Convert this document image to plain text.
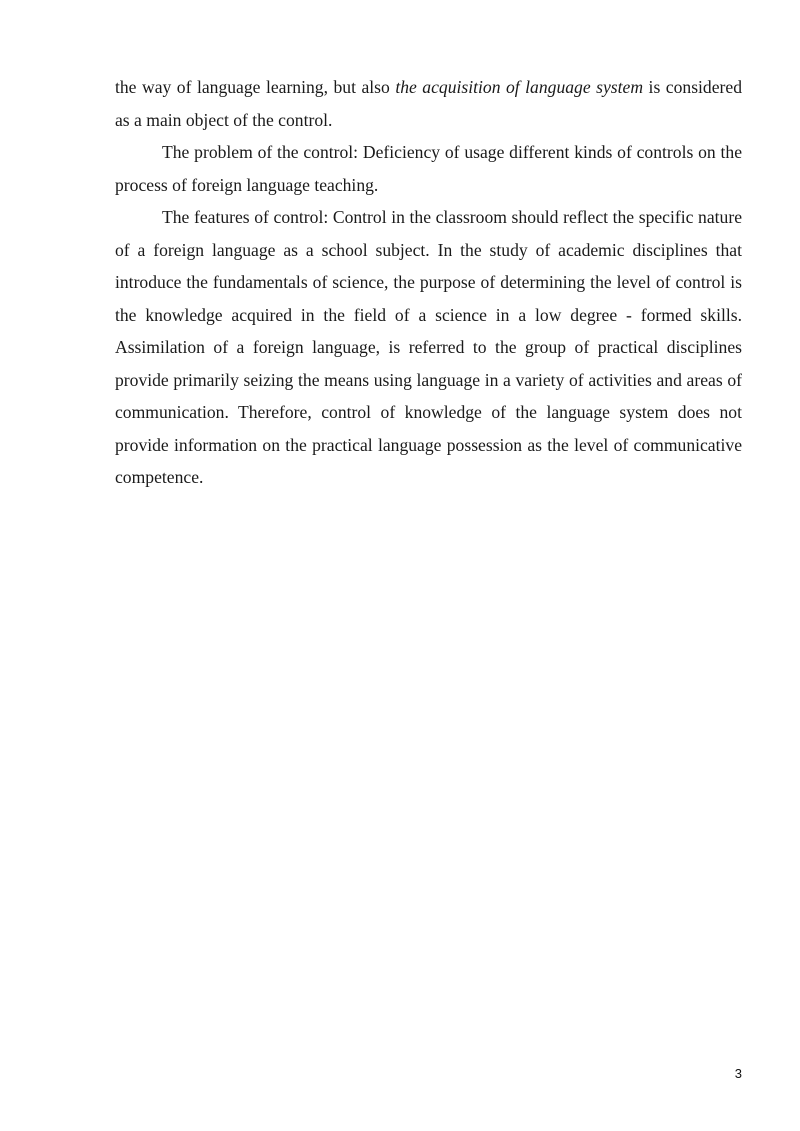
the way of language learning, but also the acquisition of language system is considered as a main object of the control.

The problem of the control: Deficiency of usage different kinds of controls on the process of foreign language teaching.

The features of control: Control in the classroom should reflect the specific nature of a foreign language as a school subject. In the study of academic disciplines that introduce the fundamentals of science, the purpose of determining the level of control is the knowledge acquired in the field of a science in a low degree - formed skills. Assimilation of a foreign language, is referred to the group of practical disciplines provide primarily seizing the means using language in a variety of activities and areas of communication. Therefore, control of knowledge of the language system does not provide information on the practical language possession as the level of communicative competence.

3
